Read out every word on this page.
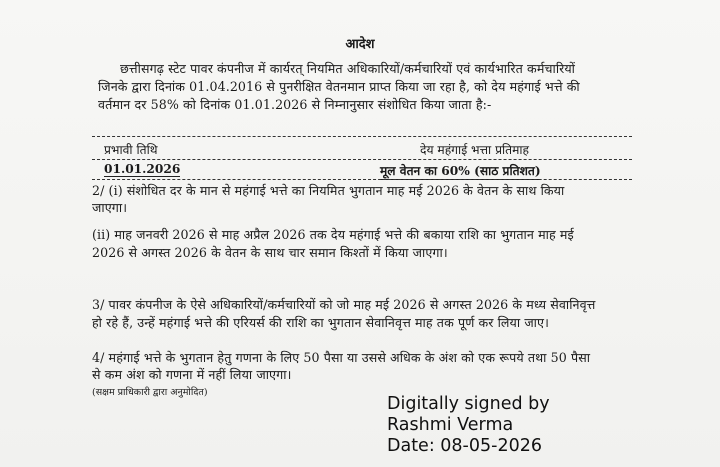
आदेश
छत्तीसगढ़ स्टेट पावर कंपनीज में कार्यरत् नियमित अधिकारियों/कर्मचारियों एवं कार्यभारित कर्मचारियों
जिनके द्वारा दिनांक 01.04.2016 से पुनरीक्षित वेतनमान प्राप्त किया जा रहा है, को देय महंगाई भत्ते की
वर्तमान दर 58% को दिनांक 01.01.2026 से निम्नानुसार संशोधित किया जाता है:-
प्रभावी तिथि	देय महंगाई भत्ता प्रतिमाह
01.01.2026	मूल वेतन का 60% (साठ प्रतिशत)
2/ (i) संशोधित दर के मान से महंगाई भत्ते का नियमित भुगतान माह मई 2026 के वेतन के साथ किया
जाएगा।
(ii) माह जनवरी 2026 से माह अप्रैल 2026 तक देय महंगाई भत्ते की बकाया राशि का भुगतान माह मई
2026 से अगस्त 2026 के वेतन के साथ चार समान किश्तों में किया जाएगा।
3/ पावर कंपनीज के ऐसे अधिकारियों/कर्मचारियों को जो माह मई 2026 से अगस्त 2026 के मध्य सेवानिवृत्त
हो रहे हैं, उन्हें महंगाई भत्ते की एरियर्स की राशि का भुगतान सेवानिवृत्त माह तक पूर्ण कर लिया जाए।
4/ महंगाई भत्ते के भुगतान हेतु गणना के लिए 50 पैसा या उससे अधिक के अंश को एक रूपये तथा 50 पैसा
से कम अंश को गणना में नहीं लिया जाएगा।
(सक्षम प्राधिकारी द्वारा अनुमोदित)
Digitally signed by
Rashmi Verma
Date: 08-05-2026
